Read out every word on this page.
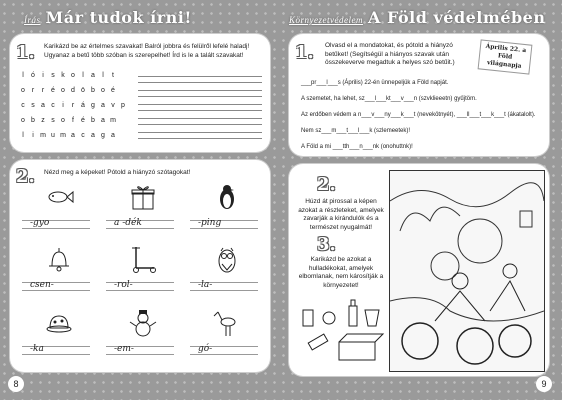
Írás Már tudok írni!
1.	Karikázd be az értelmes szavakat! Balról jobbra és felülről lefelé haladj!
Ugyanaz a betű több szóban is szerepelhet! Írd is le a talált szavakat!
l	ó	i	s k o	l	a	l	t
o r	r é o d ö b o é
c s a c	i	r á g a v p
o b z s o	f	é b a m
l	i m u m a c a g a
2.	Nézd meg a képeket! Pótold a hiányzó szótagokat!
-gyo	a -dék	-ping
csen-	-rol-	-la-
-ka	-em-	gó-
8
Környezetvédelem A Föld védelmében
1.	Olvasd el a mondatokat, és pótold a hiányzó
betűket! (Segítségül a hiányos szavak után
összekeverve megadtuk a helyes szó betűit.)
___pr___l___s (Április) 22-én ünnepeljük a Föld napját.
A szemetet, ha lehet, sz___l___kt___v___n (szvklieeetn) gyűjtöm.
Az erdőben védem a n___v___ny___k___t (nevekötnyét), ___ll___t___k___t (ákatalolt).
Nem sz___m___t___l___k (szlemeetek)!
A Föld a mi ___tth___n___nk (onohuttnk)!
Április 22. a Föld világnapja
2.
Húzd át pirossal a képen azokat a részleteket, amelyek zavarják a kirándulók és a természet nyugalmát!
3.
Karikázd be azokat a hulladékokat, amelyek elbomlanak, nem károsítják a környezetet!
9
